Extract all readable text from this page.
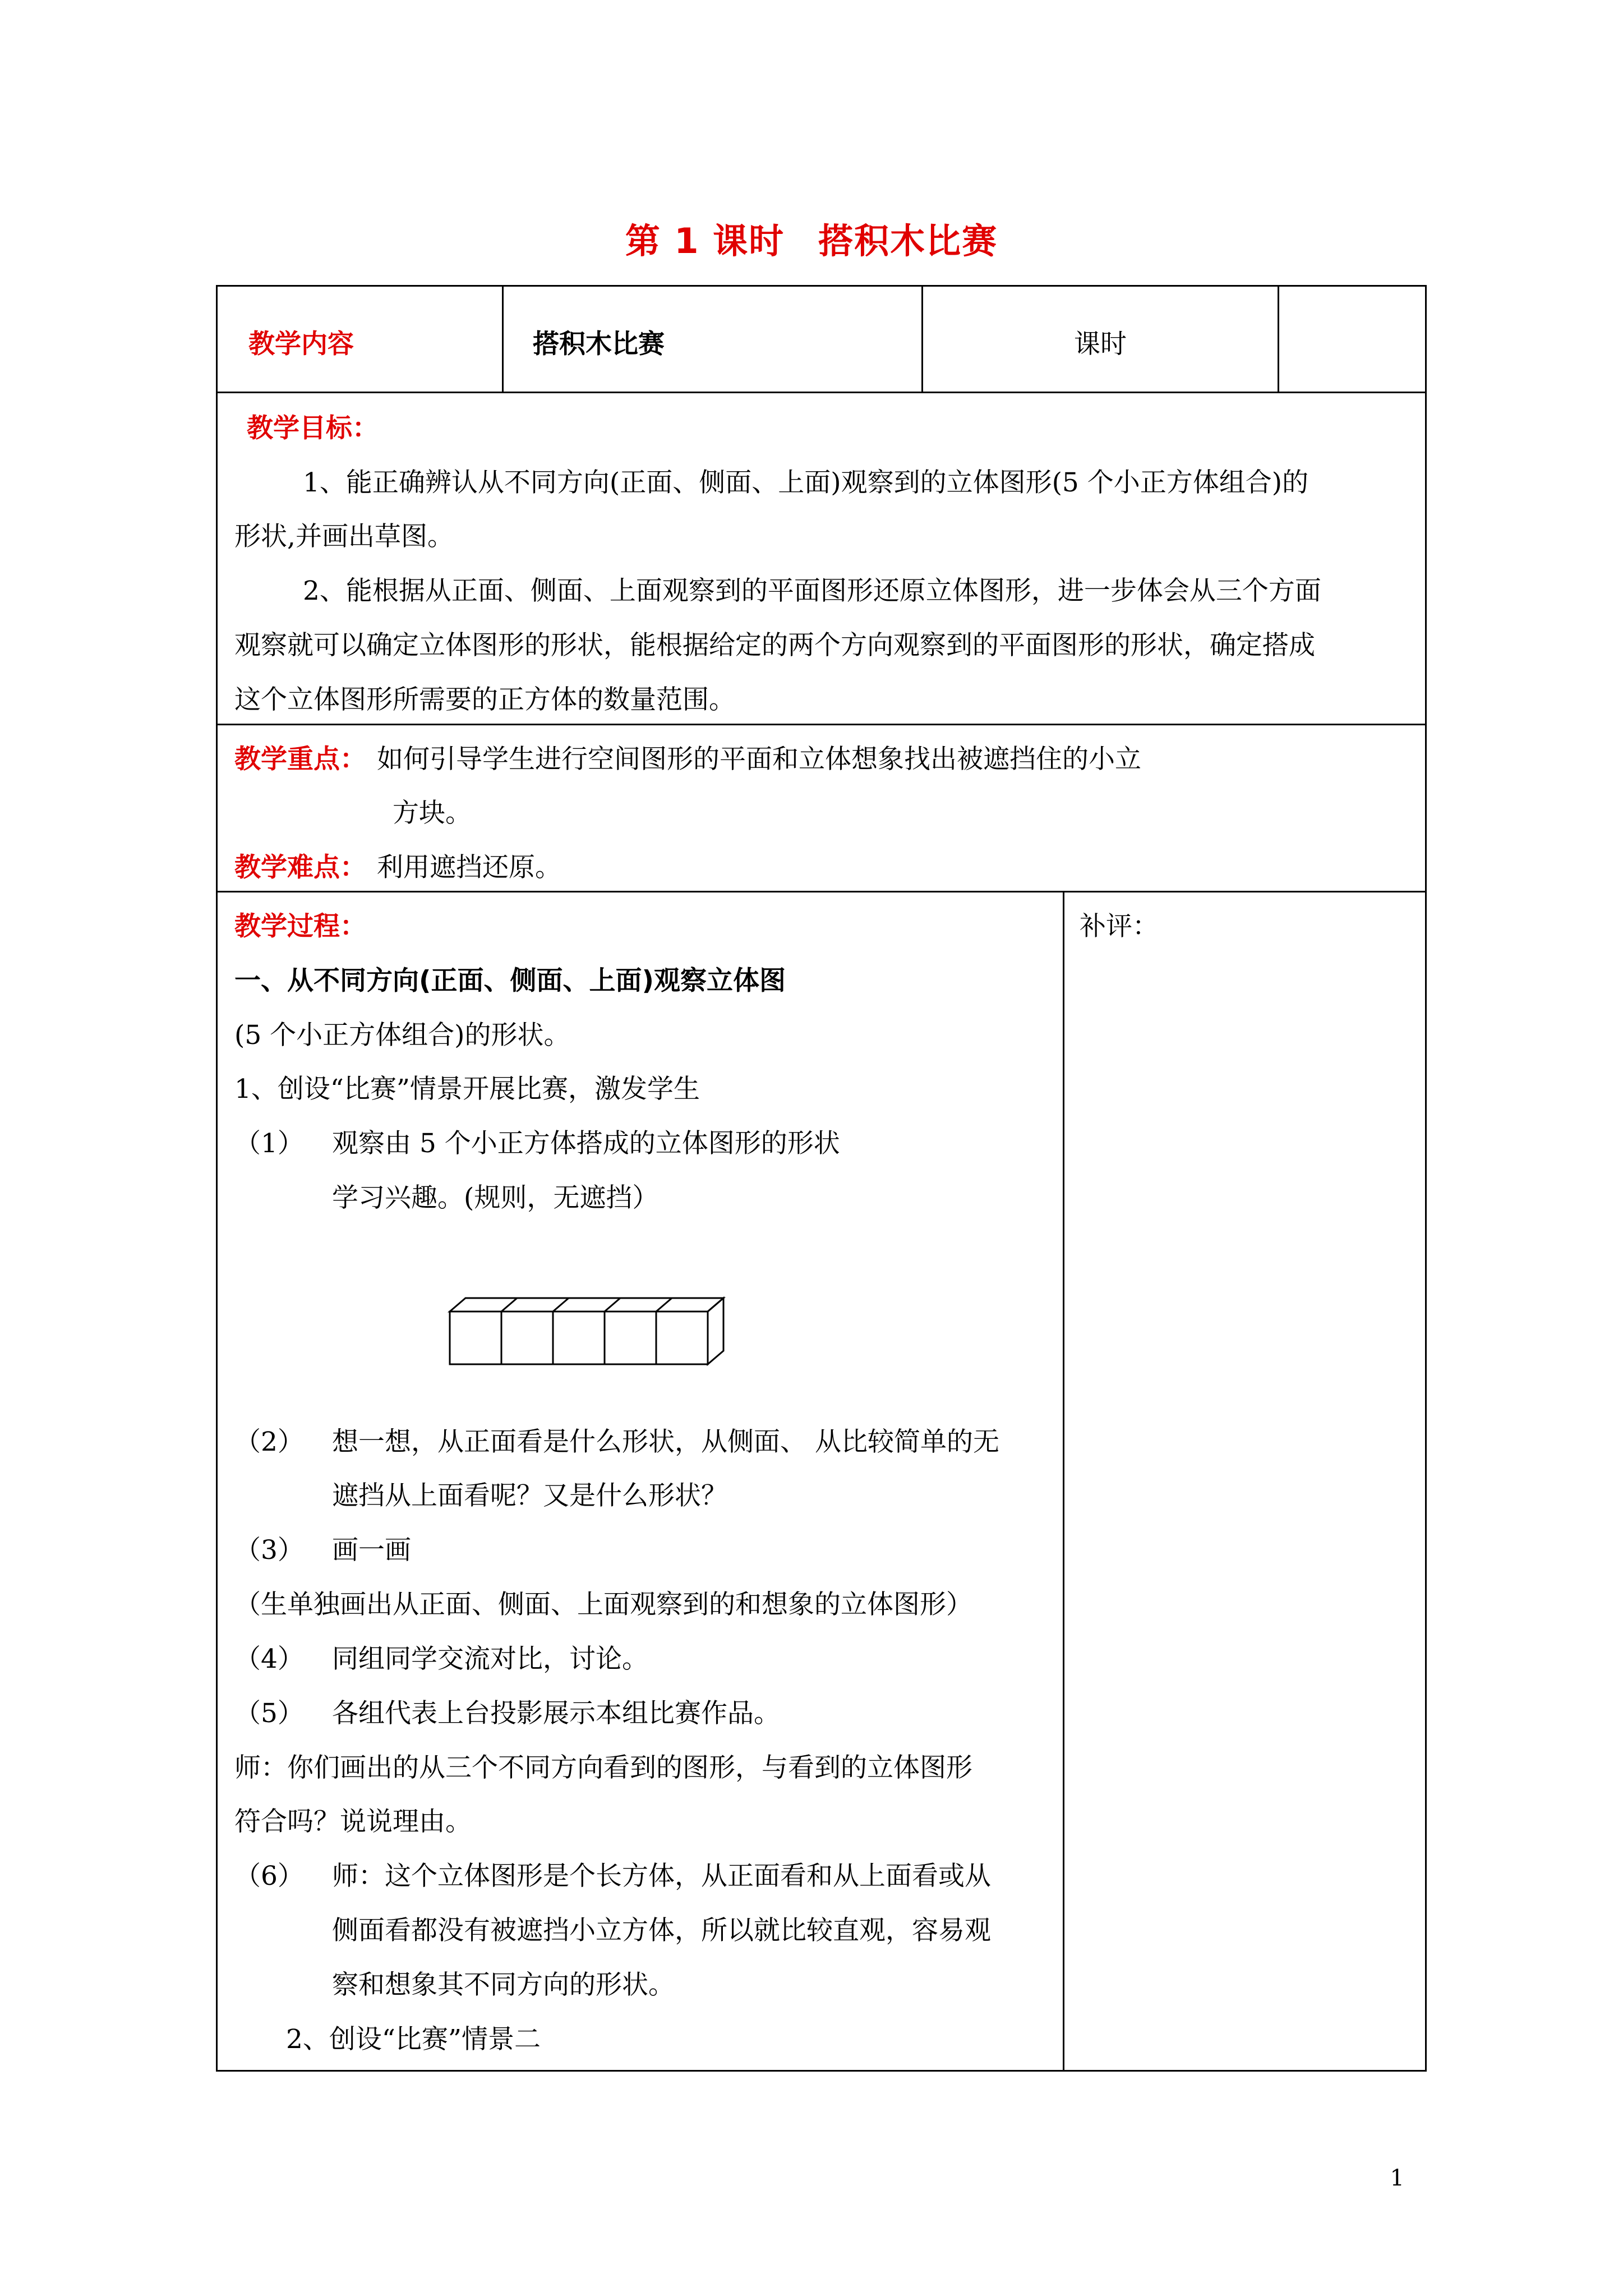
第 1 课时 搭积木比赛
教学内容	搭积木比赛	课时
教学目标：
1、能正确辨认从不同方向(正面、侧面、上面)观察到的立体图形(5 个小正方体组合)的
形状,并画出草图。
2、能根据从正面、侧面、上面观察到的平面图形还原立体图形，进一步体会从三个方面
观察就可以确定立体图形的形状，能根据给定的两个方向观察到的平面图形的形状，确定搭成
这个立体图形所需要的正方体的数量范围。
教学重点： 如何引导学生进行空间图形的平面和立体想象找出被遮挡住的小立
方块。
教学难点： 利用遮挡还原。
教学过程：	补评：
一、从不同方向(正面、侧面、上面)观察立体图
(5 个小正方体组合)的形状。
1、创设“比赛”情景开展比赛，激发学生
（1） 观察由 5 个小正方体搭成的立体图形的形状
学习兴趣。(规则，无遮挡）
（2） 想一想，从正面看是什么形状，从侧面、 从比较简单的无
遮挡从上面看呢？又是什么形状？
（3） 画一画
（生单独画出从正面、侧面、上面观察到的和想象的立体图形）
（4） 同组同学交流对比，讨论。
（5） 各组代表上台投影展示本组比赛作品。
师：你们画出的从三个不同方向看到的图形，与看到的立体图形
符合吗？说说理由。
（6） 师：这个立体图形是个长方体，从正面看和从上面看或从
侧面看都没有被遮挡小立方体，所以就比较直观，容易观
察和想象其不同方向的形状。
2、创设“比赛”情景二
1
